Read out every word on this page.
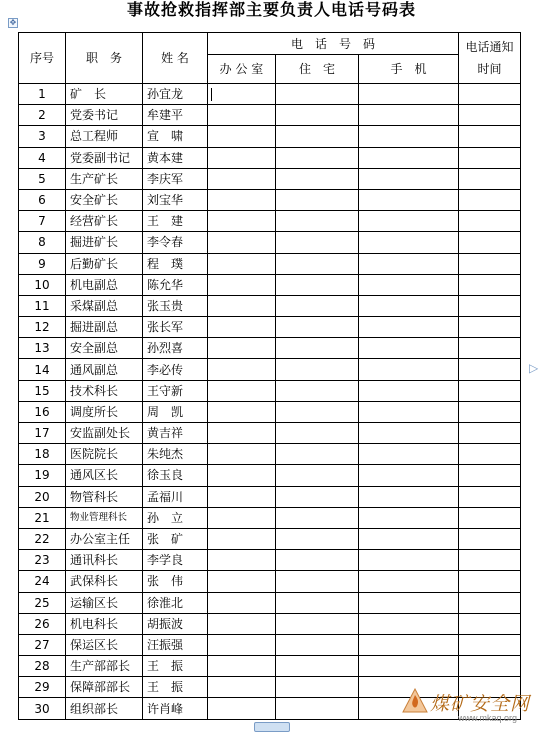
事故抢救指挥部主要负责人电话号码表
✥
序号	职　务	姓 名	电　话　号　码			电话通知
时间

			办 公 室	住　宅	手　机	
1	矿　长	孙宜龙				
2	党委书记	牟建平				
3	总工程师	宣　啸				
4	党委副书记	黄本建				
5	生产矿长	李庆军				
6	安全矿长	刘宝华				
7	经营矿长	王　建				
8	掘进矿长	李令春				
9	后勤矿长	程　璞				
10	机电副总	陈允华				
11	采煤副总	张玉贵				
12	掘进副总	张长军				
13	安全副总	孙烈喜				
14	通风副总	李必传				
15	技术科长	王守新				
16	调度所长	周　凯				
17	安监副处长	黄吉祥				
18	医院院长	朱纯杰				
19	通风区长	徐玉良				
20	物管科长	孟福川				
21	物业管理科长	孙　立				
22	办公室主任	张　矿				
23	通讯科长	李学良				
24	武保科长	张　伟				
25	运输区长	徐淮北				
26	机电科长	胡振波				
27	保运区长	汪振强				
28	生产部部长	王　振				
29	保障部部长	王　振				
30	组织部长	许肖峰				
▷
煤矿安全网
www.mkaq.org
